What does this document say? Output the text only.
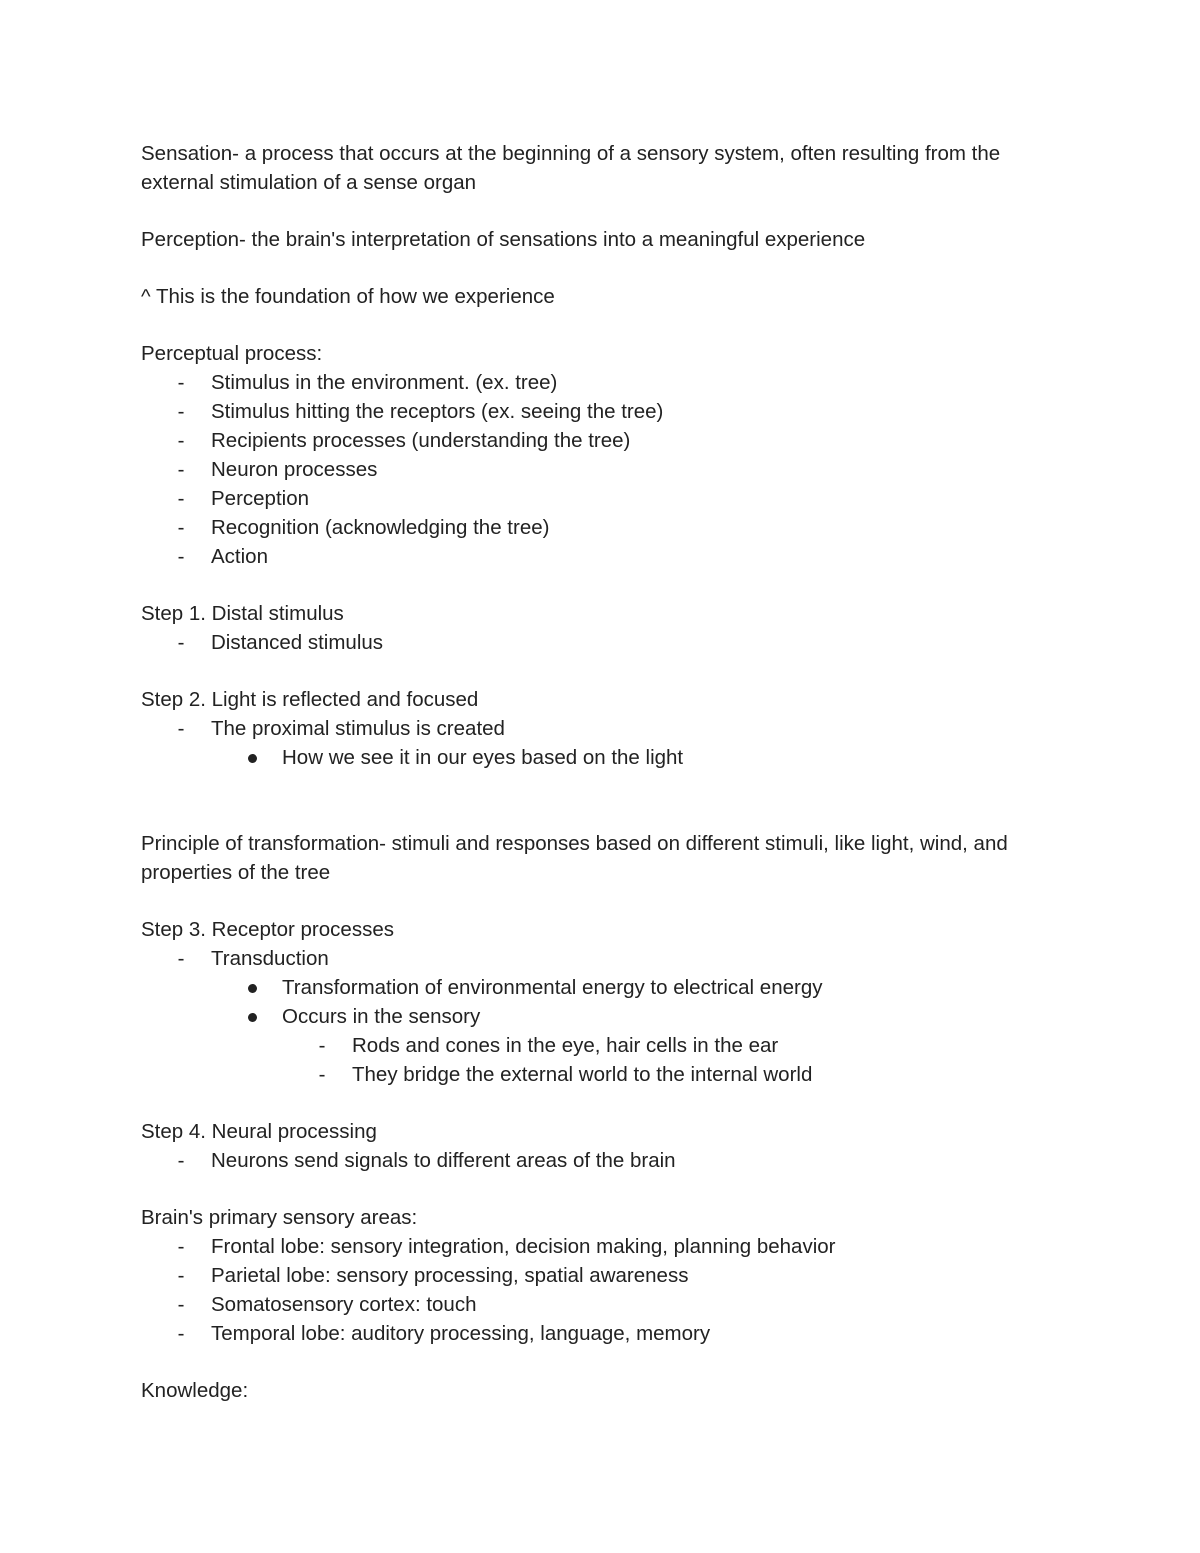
Sensation- a process that occurs at the beginning of a sensory system, often resulting from the external stimulation of a sense organ
Perception- the brain's interpretation of sensations into a meaningful experience
^ This is the foundation of how we experience
Perceptual process:
-	Stimulus in the environment. (ex. tree)
-	Stimulus hitting the receptors (ex. seeing the tree)
-	Recipients processes (understanding the tree)
-	Neuron processes
-	Perception
-	Recognition (acknowledging the tree)
-	Action
Step 1. Distal stimulus
-	Distanced stimulus
Step 2. Light is reflected and focused
-	The proximal stimulus is created
How we see it in our eyes based on the light
Principle of transformation- stimuli and responses based on different stimuli, like light, wind, and properties of the tree
Step 3. Receptor processes
-	Transduction
Transformation of environmental energy to electrical energy
Occurs in the sensory
-	Rods and cones in the eye, hair cells in the ear
-	They bridge the external world to the internal world
Step 4. Neural processing
-	Neurons send signals to different areas of the brain
Brain's primary sensory areas:
-	Frontal lobe: sensory integration, decision making, planning behavior
-	Parietal lobe: sensory processing, spatial awareness
-	Somatosensory cortex: touch
-	Temporal lobe: auditory processing, language, memory
Knowledge:
